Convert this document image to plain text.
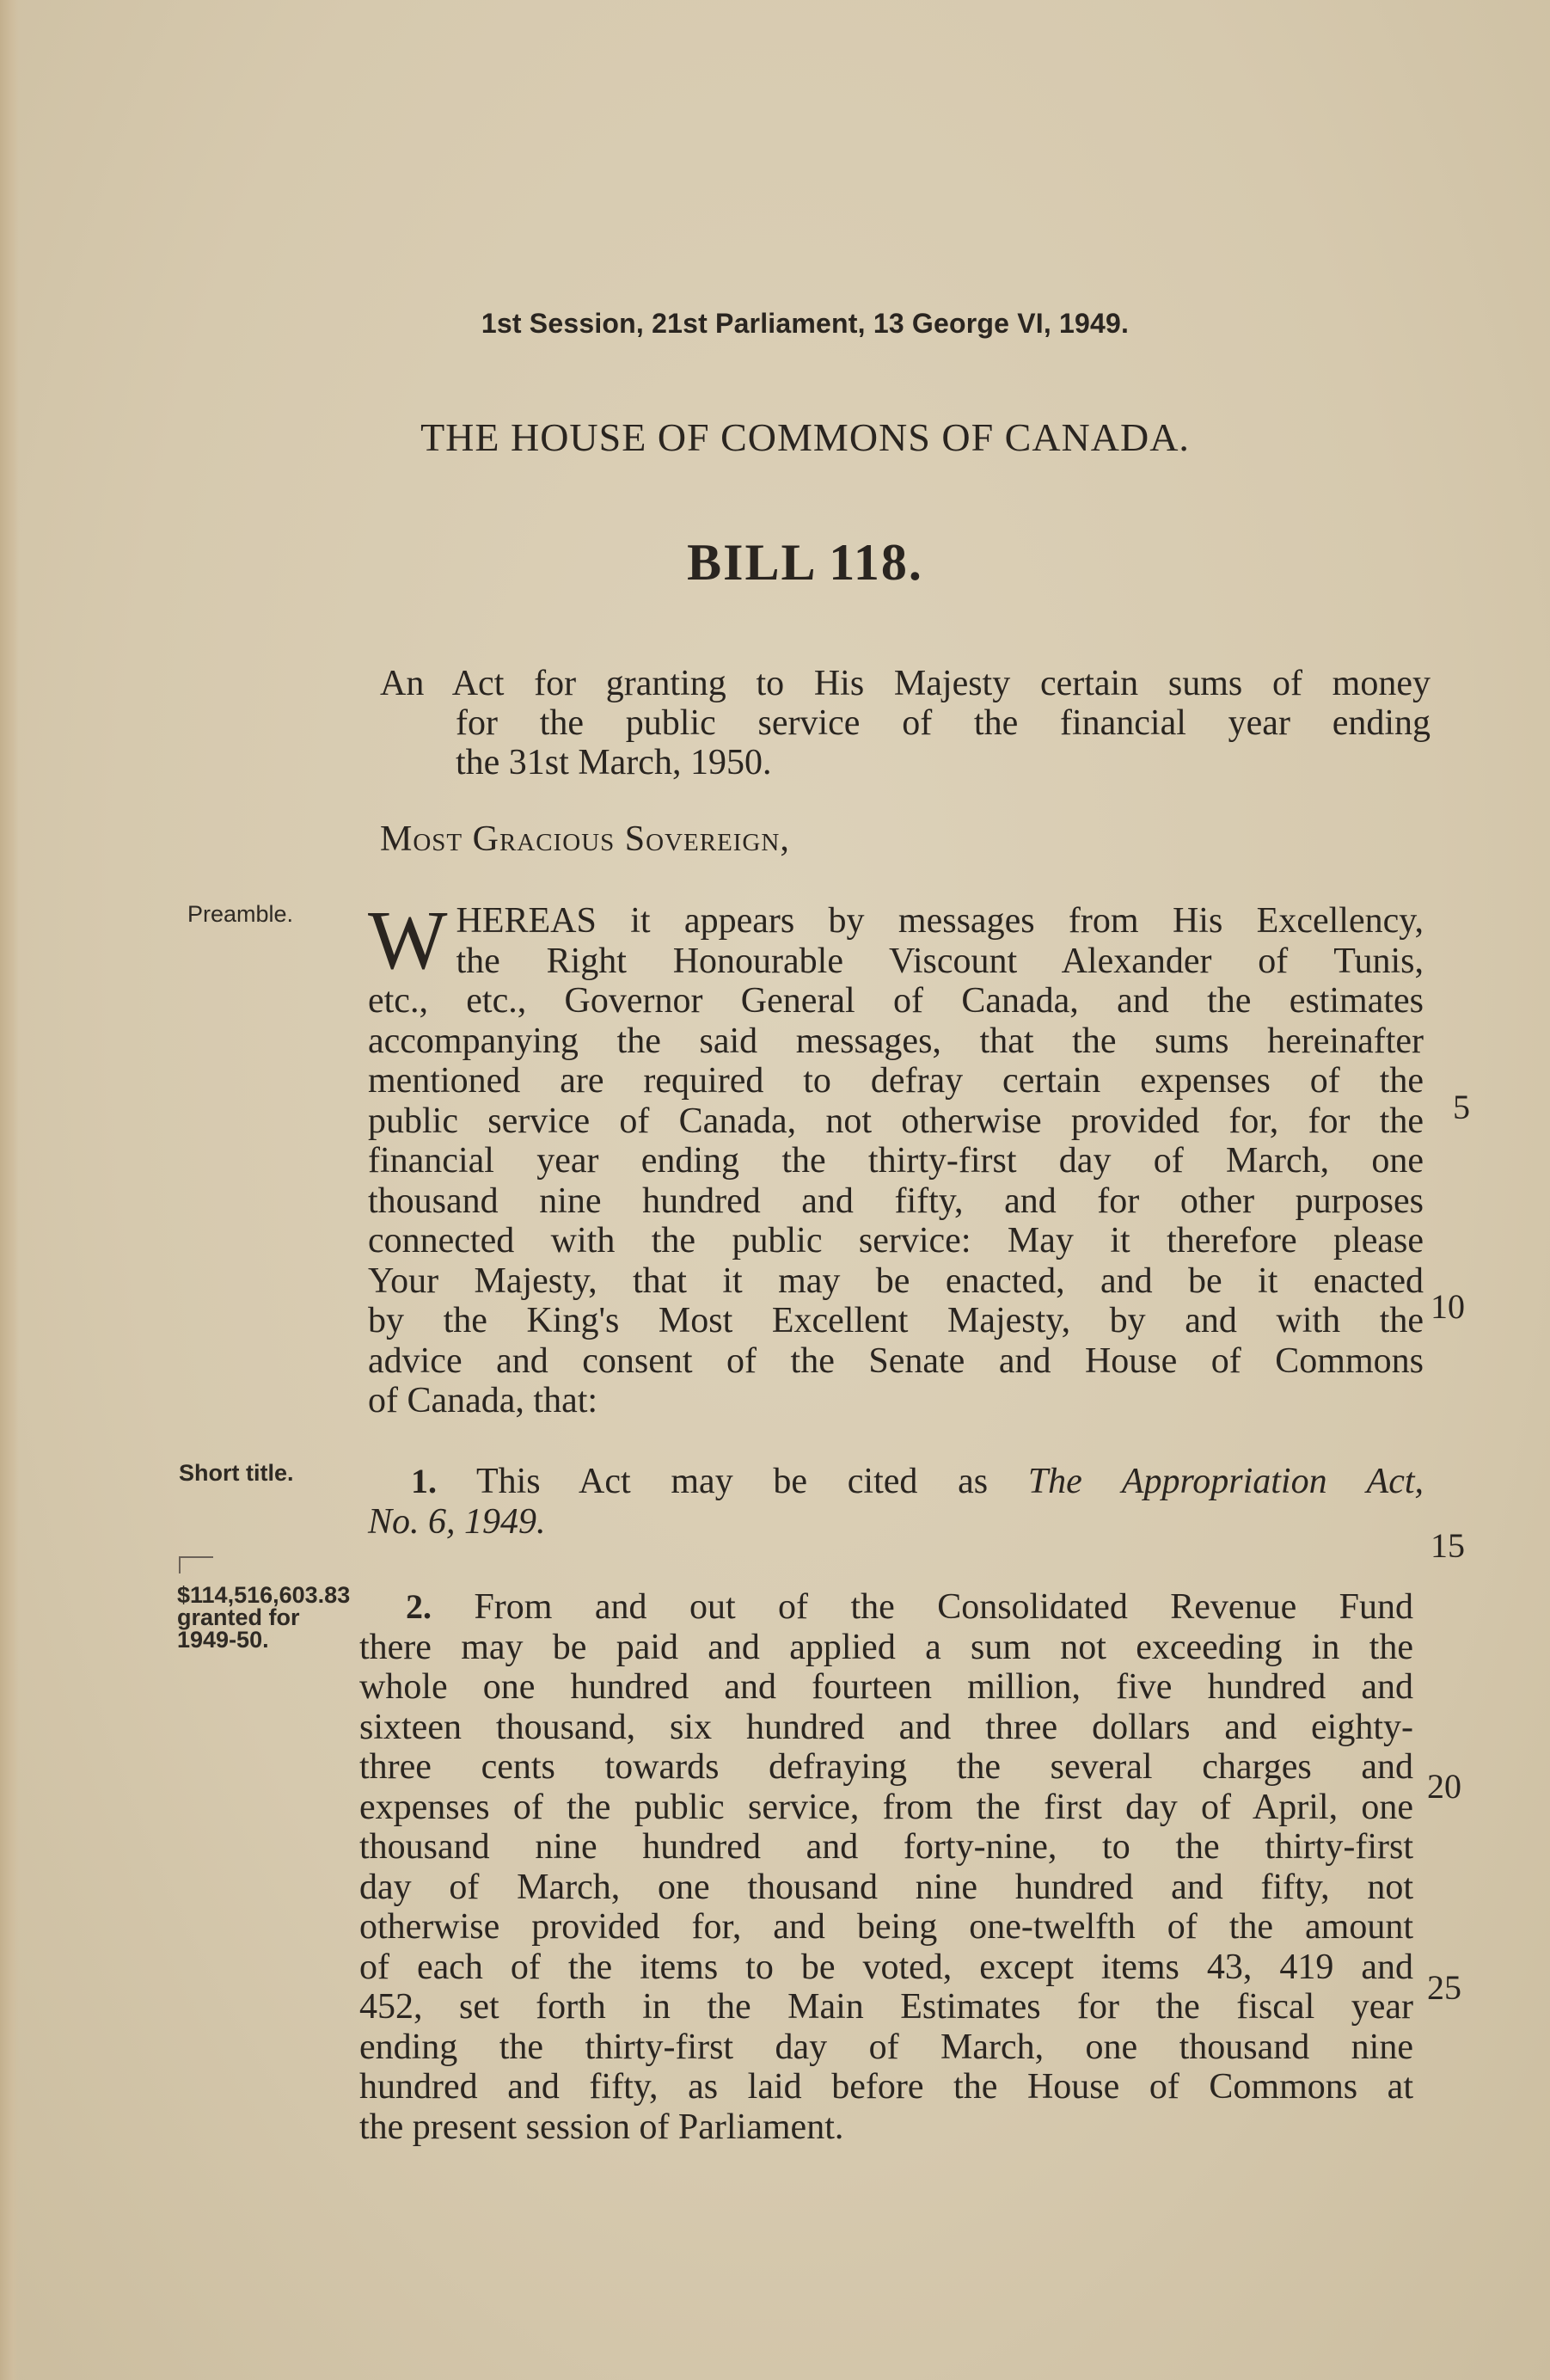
1st Session, 21st Parliament, 13 George VI, 1949.
THE HOUSE OF COMMONS OF CANADA.
BILL 118.
An Act for granting to His Majesty certain sums of money
for the public service of the financial year ending
the 31st March, 1950.
Most Gracious Sovereign,
Preamble.
Short title.
$114,516,603.83
granted for
1949-50.
W HEREAS it appears by messages from His Excellency,
the Right Honourable Viscount Alexander of Tunis,
etc., etc., Governor General of Canada, and the estimates
accompanying the said messages, that the sums hereinafter
mentioned are required to defray certain expenses of the
public service of Canada, not otherwise provided for, for the
financial year ending the thirty-first day of March, one
thousand nine hundred and fifty, and for other purposes
connected with the public service: May it therefore please
Your Majesty, that it may be enacted, and be it enacted
by the King's Most Excellent Majesty, by and with the
advice and consent of the Senate and House of Commons
of Canada, that:
1. This Act may be cited as The Appropriation Act,
No. 6, 1949.
2. From and out of the Consolidated Revenue Fund
there may be paid and applied a sum not exceeding in the
whole one hundred and fourteen million, five hundred and
sixteen thousand, six hundred and three dollars and eighty-
three cents towards defraying the several charges and
expenses of the public service, from the first day of April, one
thousand nine hundred and forty-nine, to the thirty-first
day of March, one thousand nine hundred and fifty, not
otherwise provided for, and being one-twelfth of the amount
of each of the items to be voted, except items 43, 419 and
452, set forth in the Main Estimates for the fiscal year
ending the thirty-first day of March, one thousand nine
hundred and fifty, as laid before the House of Commons at
the present session of Parliament.
5
10
15
20
25
